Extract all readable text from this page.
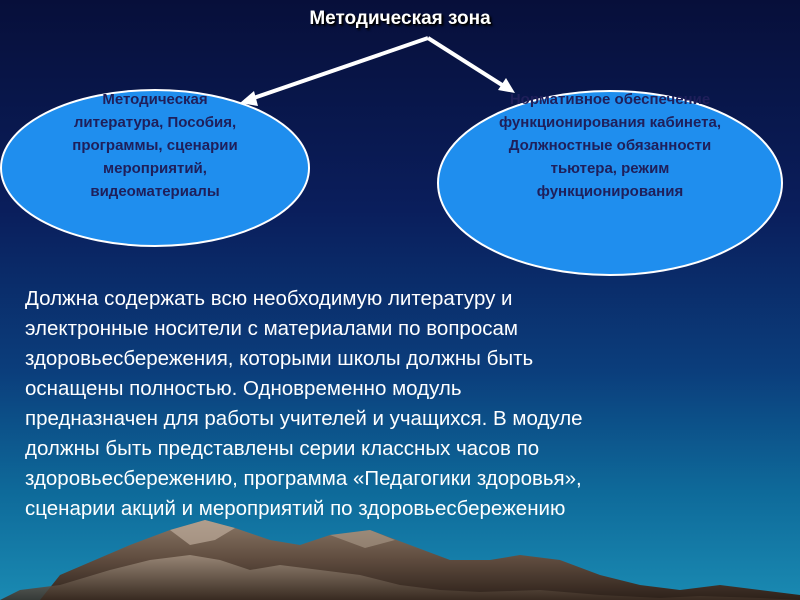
Методическая зона
Методическая литература, Пособия, программы, сценарии мероприятий, видеоматериалы
Нормативное обеспечение функционирования кабинета, Должностные обязанности тьютера, режим функционирования
Должна содержать всю необходимую литературу и
электронные носители с материалами по вопросам
здоровьесбережения, которыми школы должны быть
оснащены полностью. Одновременно модуль
предназначен для работы учителей и учащихся. В модуле
должны быть представлены серии классных часов по
здоровьесбережению, программа «Педагогики здоровья»,
сценарии акций и мероприятий по здоровьесбережению
